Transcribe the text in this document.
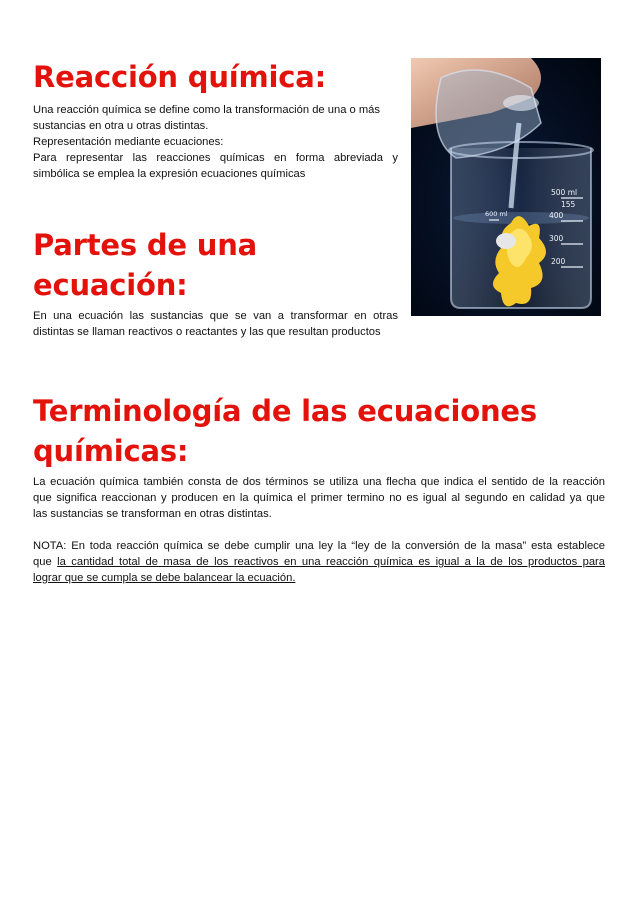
Reacción química:

Una reacción química se define como la transformación de una o más

sustancias en otra u otras distintas.

Representación mediante ecuaciones:

Para representar las reacciones químicas en forma abreviada y

simbólica se emplea la expresión ecuaciones químicas

Partes de una
ecuación:

En una ecuación las sustancias que se van a transformar en otras

distintas se llaman reactivos o reactantes y las que resultan productos

500 ml
155
400
300
200
600 ml
Terminología de las ecuaciones
químicas:

La ecuación química también consta de dos términos se utiliza una flecha que indica el sentido de la reacción

que significa reaccionan y producen en la química el primer termino no es igual al segundo en calidad ya que

las sustancias se transforman en otras distintas.

NOTA: En toda reacción química se debe cumplir una ley la “ley de la conversión de la masa” esta establece

que la cantidad total de masa de los reactivos en una reacción química es igual a la de los productos para

lograr que se cumpla se debe balancear la ecuación.
